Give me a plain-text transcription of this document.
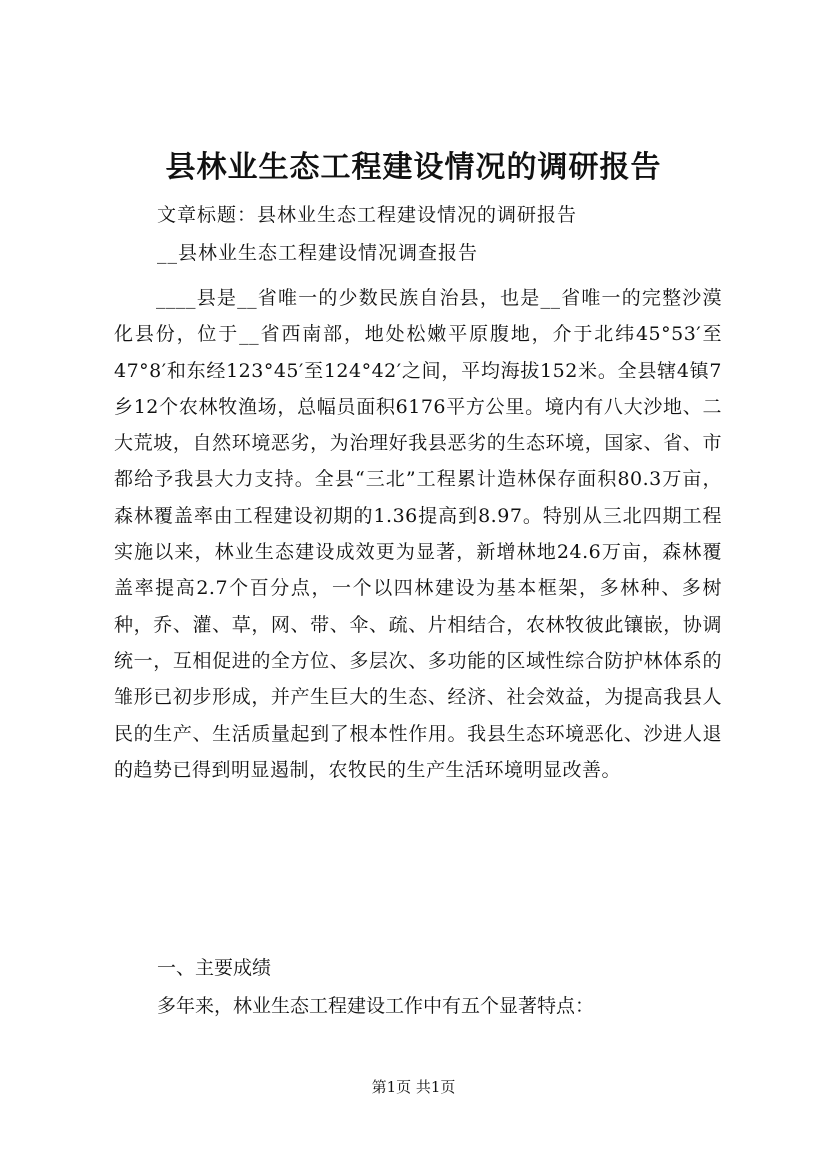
县林业生态工程建设情况的调研报告
文章标题：县林业生态工程建设情况的调研报告
__县林业生态工程建设情况调查报告

____县是__省唯一的少数民族自治县，也是__省唯一的完整沙漠化县份，位于__省西南部，地处松嫩平原腹地，介于北纬45°53′至47°8′和东经123°45′至124°42′之间，平均海拔152米。全县辖4镇7乡12个农林牧渔场，总幅员面积6176平方公里。境内有八大沙地、二大荒坡，自然环境恶劣，为治理好我县恶劣的生态环境，国家、省、市都给予我县大力支持。全县“三北”工程累计造林保存面积80.3万亩，森林覆盖率由工程建设初期的1.36提高到8.97。特别从三北四期工程实施以来，林业生态建设成效更为显著，新增林地24.6万亩，森林覆盖率提高2.7个百分点，一个以四林建设为基本框架，多林种、多树种，乔、灌、草，网、带、伞、疏、片相结合，农林牧彼此镶嵌，协调统一，互相促进的全方位、多层次、多功能的区域性综合防护林体系的雏形已初步形成，并产生巨大的生态、经济、社会效益，为提高我县人民的生产、生活质量起到了根本性作用。我县生态环境恶化、沙进人退的趋势已得到明显遏制，农牧民的生产生活环境明显改善。

一、主要成绩
多年来，林业生态工程建设工作中有五个显著特点：
第1页 共1页
